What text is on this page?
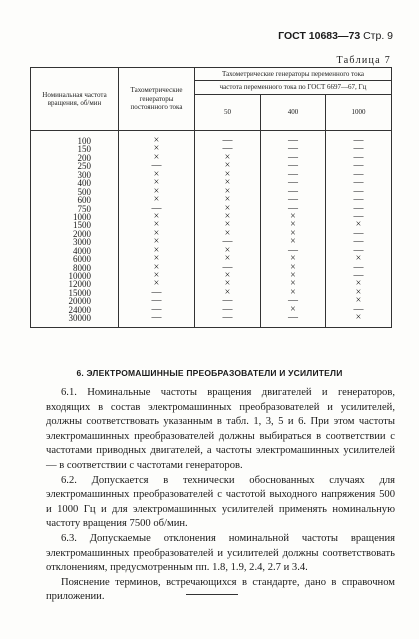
ГОСТ 10683—73 Стр. 9
Таблица 7
Номинальная частота вращения, об/мин	Тахометрические генераторы постоянного тока	Тахометрические генераторы переменного тока		
		частота переменного тока по ГОСТ 6697—67, Гц		
		50	400	1000
100	×	—	—	—
150	×	—	—	—
200	×	×	—	—
250	—	×	—	—
300	×	×	—	—
400	×	×	—	—
500	×	×	—	—
600	×	×	—	—
750	—	×	—	—
1000	×	×	×	—
1500	×	×	×	×
2000	×	×	×	—
3000	×	—	×	—
4000	×	×	—	—
6000	×	×	×	×
8000	×	—	×	—
10000	×	×	×	—
12000	×	×	×	×
15000	—	×	×	×
20000	—	—	—	×
24000	—	—	×	—
30000	—	—	—	×
6. ЭЛЕКТРОМАШИННЫЕ ПРЕОБРАЗОВАТЕЛИ И УСИЛИТЕЛИ

6.1. Номинальные частоты вращения двигателей и генераторов, входящих в состав электромашинных преобразователей и усилителей, должны соответствовать указанным в табл. 1, 3, 5 и 6. При этом частоты электромашинных преобразователей должны выбираться в соответствии с частотами приводных двигателей, а частоты электромашинных усилителей — в соответствии с частотами генераторов.

6.2. Допускается в технически обоснованных случаях для электромашинных преобразователей с частотой выходного напряжения 500 и 1000 Гц и для электромашинных усилителей применять номинальную частоту вращения 7500 об/мин.

6.3. Допускаемые отклонения номинальной частоты вращения электромашинных преобразователей и усилителей должны соответствовать отклонениям, предусмотренным пп. 1.8, 1.9, 2.4, 2.7 и 3.4.

Пояснение терминов, встречающихся в стандарте, дано в справочном приложении.
